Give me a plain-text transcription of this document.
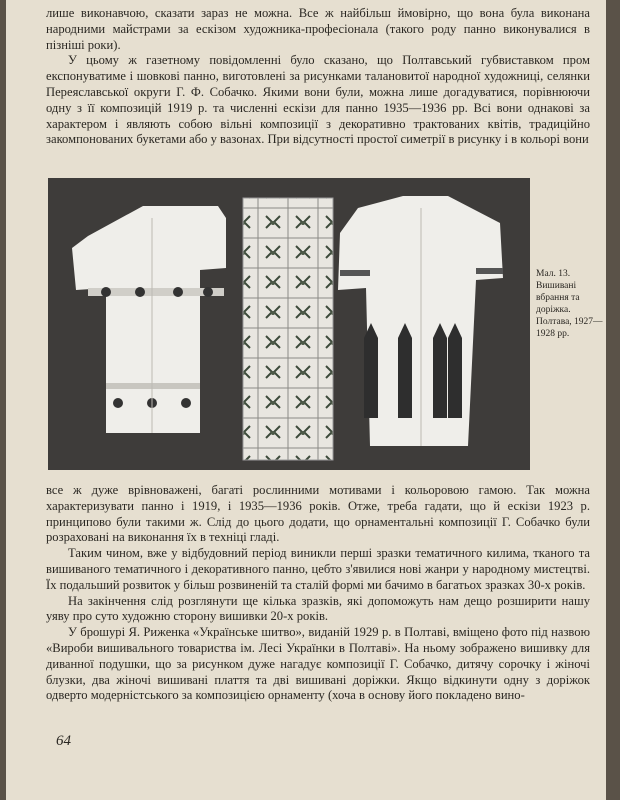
лише виконавчою, сказати зараз не можна. Все ж найбільш ймовірно, що вона була виконана народними майстрами за ескізом художника-професіонала (такого роду панно виконувалися в пізніші роки).

У цьому ж газетному повідомленні було сказано, що Полтавський губвиставком пром експонуватиме і шовкові панно, виготовлені за рисунками талановитої народної художниці, селянки Переяславської округи Г. Ф. Собачко. Якими вони були, можна лише догадуватися, порівнюючи одну з її композицій 1919 р. та численні ескізи для панно 1935—1936 рр. Всі вони однакові за характером і являють собою вільні композиції з декоративно трактованих квітів, традиційно закомпонованих букетами або у вазонах. При відсутності простої симетрії в рисунку і в кольорі вони

Мал. 13. Вишивані вбрання та доріжка. Полтава, 1927—1928 рр.

все ж дуже врівноважені, багаті рослинними мотивами і кольоровою гамою. Так можна характеризувати панно і 1919, і 1935—1936 років. Отже, треба гадати, що й ескізи 1923 р. принципово були такими ж. Слід до цього додати, що орнаментальні композиції Г. Собачко були розраховані на виконання їх в техніці гладі.

Таким чином, вже у відбудовний період виникли перші зразки тематичного килима, тканого та вишиваного тематичного і декоративного панно, цебто з'явилися нові жанри у народному мистецтві. Їх подальший розвиток у більш розвиненій та сталій формі ми бачимо в багатьох зразках 30-х років.

На закінчення слід розглянути ще кілька зразків, які допоможуть нам дещо розширити нашу уяву про суто художню сторону вишивки 20-х років.

У брошурі Я. Риженка «Українське шитво», виданій 1929 р. в Полтаві, вміщено фото під назвою «Вироби вишивального товариства ім. Лесі Українки в Полтаві». На ньому зображено вишивку для диванної подушки, що за рисунком дуже нагадує композиції Г. Собачко, дитячу сорочку і жіночі блузки, два жіночі вишивані плаття та дві вишивані доріжки. Якщо відкинути одну з доріжок одверто модерністського за композицією орнаменту (хоча в основу його покладено вино-

64
